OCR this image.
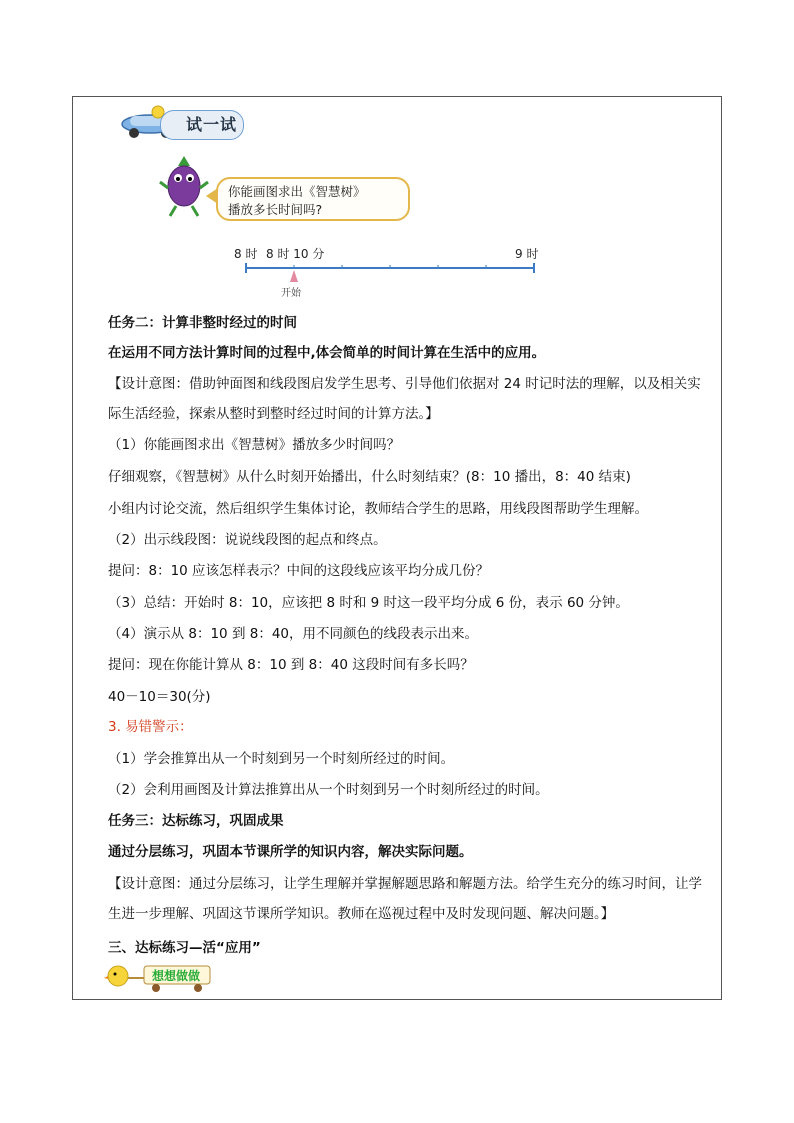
试一试
你能画图求出《智慧树》
播放多长时间吗?
8 时 8 时 10 分	9 时
开始
任务二：计算非整时经过的时间
在运用不同方法计算时间的过程中,体会简单的时间计算在生活中的应用。
【设计意图：借助钟面图和线段图启发学生思考、引导他们依据对 24 时记时法的理解，以及相关实际生活经验，探索从整时到整时经过时间的计算方法。】
（1）你能画图求出《智慧树》播放多少时间吗？
仔细观察，《智慧树》从什么时刻开始播出，什么时刻结束？(8：10 播出，8：40 结束)
小组内讨论交流，然后组织学生集体讨论，教师结合学生的思路，用线段图帮助学生理解。
（2）出示线段图：说说线段图的起点和终点。
提问：8：10 应该怎样表示？中间的这段线应该平均分成几份？
（3）总结：开始时 8：10，应该把 8 时和 9 时这一段平均分成 6 份，表示 60 分钟。
（4）演示从 8：10 到 8：40，用不同颜色的线段表示出来。
提问：现在你能计算从 8：10 到 8：40 这段时间有多长吗？
40－10＝30(分)
3. 易错警示：
（1）学会推算出从一个时刻到另一个时刻所经过的时间。
（2）会利用画图及计算法推算出从一个时刻到另一个时刻所经过的时间。
任务三：达标练习，巩固成果
通过分层练习，巩固本节课所学的知识内容，解决实际问题。
【设计意图：通过分层练习，让学生理解并掌握解题思路和解题方法。给学生充分的练习时间，让学生进一步理解、巩固这节课所学知识。教师在巡视过程中及时发现问题、解决问题。】
三、达标练习—活“应用”
想想做做
